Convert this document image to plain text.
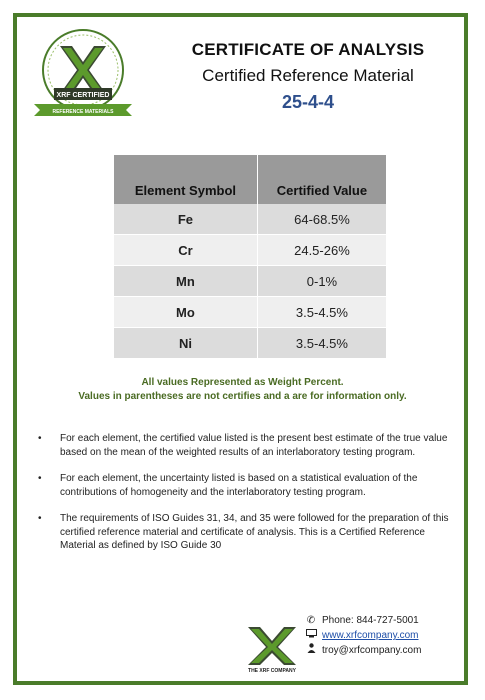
XRF CERTIFIED
REFERENCE MATERIALS
CERTIFICATE OF ANALYSIS
Certified Reference Material
25-4-4
Element Symbol	Certified Value
Fe	64-68.5%
Cr	24.5-26%
Mn	0-1%
Mo	3.5-4.5%
Ni	3.5-4.5%
All values Represented as Weight Percent.
Values in parentheses are not certifies and a are for information only.
• For each element, the certified value listed is the present best estimate of the true value based on the mean of the weighted results of an interlaboratory testing program.
• For each element, the uncertainty listed is based on a statistical evaluation of the contributions of homogeneity and the interlaboratory testing program.
• The requirements of ISO Guides 31, 34, and 35 were followed for the preparation of this certified reference material and certificate of analysis. This is a Certified Reference Material as defined by ISO Guide 30
THE XRF COMPANY
✆ Phone: 844-727-5001
www.xrfcompany.com
troy@xrfcompany.com
